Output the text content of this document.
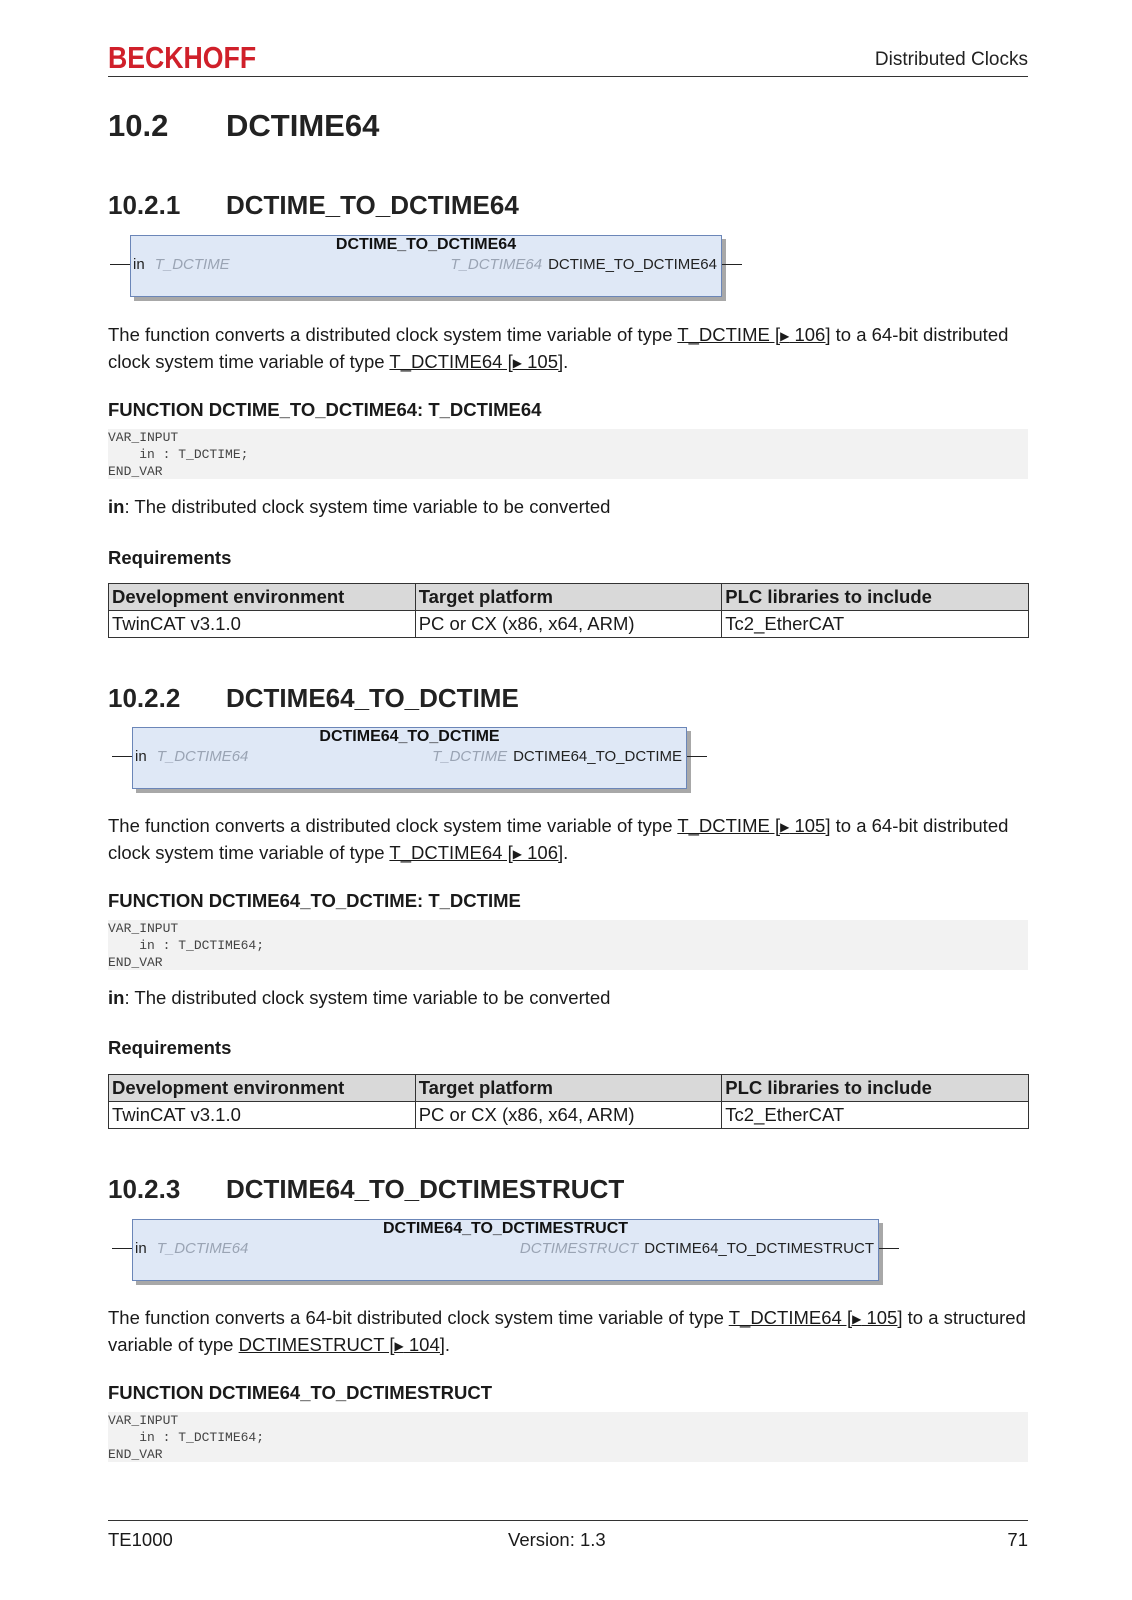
BECKHOFF	Distributed Clocks
10.2 DCTIME64
10.2.1 DCTIME_TO_DCTIME64
DCTIME_TO_DCTIME64
in T_DCTIME	T_DCTIME64 DCTIME_TO_DCTIME64
The function converts a distributed clock system time variable of type T_DCTIME [▶ 106] to a 64-bit distributed clock system time variable of type T_DCTIME64 [▶ 105].
FUNCTION DCTIME_TO_DCTIME64: T_DCTIME64
VAR_INPUT
in : T_DCTIME;
END_VAR
in: The distributed clock system time variable to be converted
Requirements
Development environment	Target platform	PLC libraries to include
TwinCAT v3.1.0	PC or CX (x86, x64, ARM)	Tc2_EtherCAT
10.2.2 DCTIME64_TO_DCTIME
DCTIME64_TO_DCTIME
in T_DCTIME64	T_DCTIME DCTIME64_TO_DCTIME
The function converts a distributed clock system time variable of type T_DCTIME [▶ 105] to a 64-bit distributed clock system time variable of type T_DCTIME64 [▶ 106].
FUNCTION DCTIME64_TO_DCTIME: T_DCTIME
VAR_INPUT
in : T_DCTIME64;
END_VAR
in: The distributed clock system time variable to be converted
Requirements
Development environment	Target platform	PLC libraries to include
TwinCAT v3.1.0	PC or CX (x86, x64, ARM)	Tc2_EtherCAT
10.2.3 DCTIME64_TO_DCTIMESTRUCT
DCTIME64_TO_DCTIMESTRUCT
in T_DCTIME64	DCTIMESTRUCT DCTIME64_TO_DCTIMESTRUCT
The function converts a 64-bit distributed clock system time variable of type T_DCTIME64 [▶ 105] to a structured variable of type DCTIMESTRUCT [▶ 104].
FUNCTION DCTIME64_TO_DCTIMESTRUCT
VAR_INPUT
in : T_DCTIME64;
END_VAR
TE1000	Version: 1.3	71
